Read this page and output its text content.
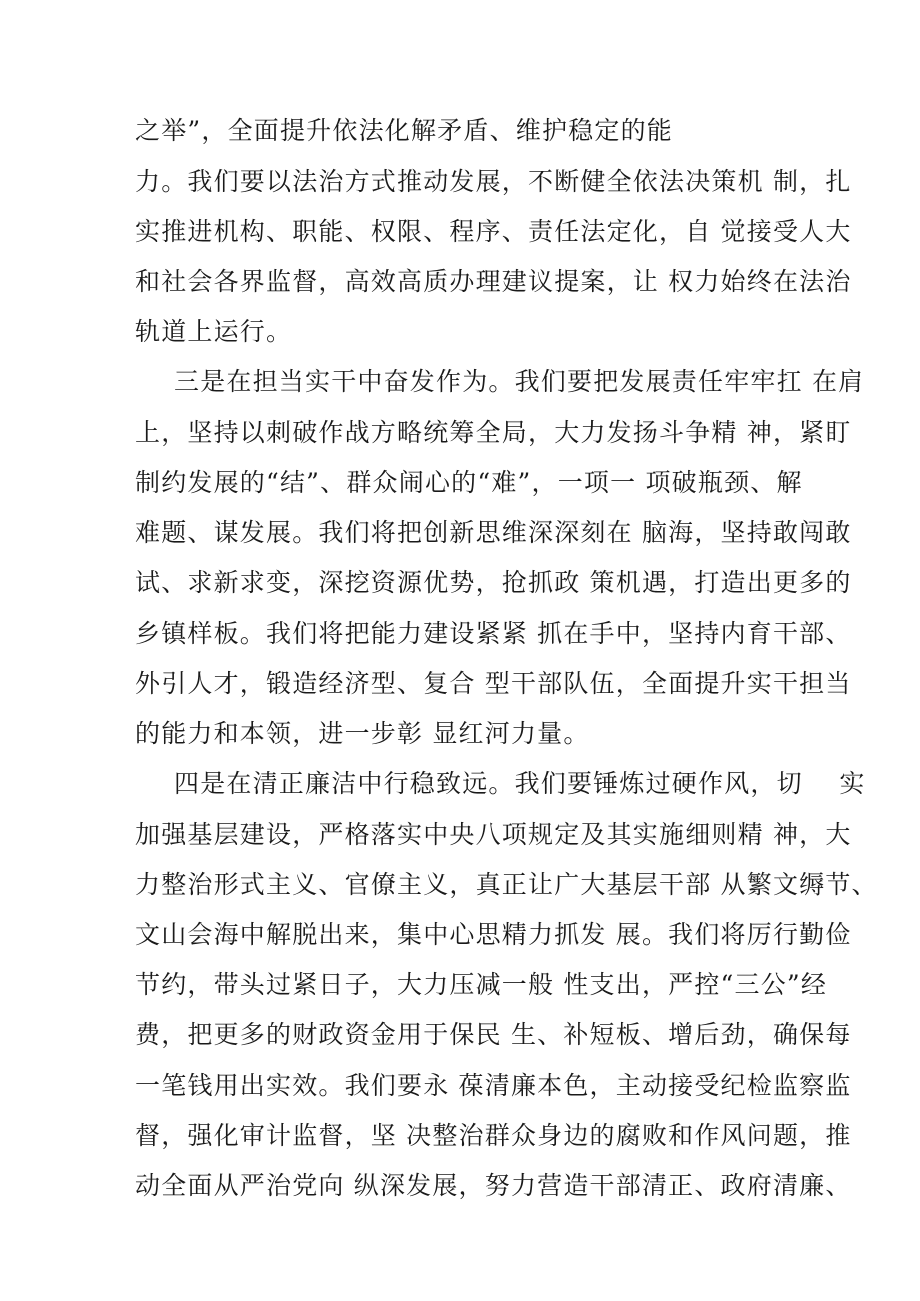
之举”，全面提升依法化解矛盾、维护稳定的能
力。我们要以法治方式推动发展，不断健全依法决策机 制，扎
实推进机构、职能、权限、程序、责任法定化，自 觉接受人大
和社会各界监督，高效高质办理建议提案，让 权力始终在法治
轨道上运行。
三是在担当实干中奋发作为。我们要把发展责任牢牢扛 在肩
上，坚持以刺破作战方略统筹全局，大力发扬斗争精 神，紧盯
制约发展的“结”、群众闹心的“难”，一项一 项破瓶颈、解
难题、谋发展。我们将把创新思维深深刻在 脑海，坚持敢闯敢
试、求新求变，深挖资源优势，抢抓政 策机遇，打造出更多的
乡镇样板。我们将把能力建设紧紧 抓在手中，坚持内育干部、
外引人才，锻造经济型、复合 型干部队伍，全面提升实干担当
的能力和本领，进一步彰 显红河力量。
四是在清正廉洁中行稳致远。我们要锤炼过硬作风，切    实
加强基层建设，严格落实中央八项规定及其实施细则精 神，大
力整治形式主义、官僚主义，真正让广大基层干部 从繁文缛节、
文山会海中解脱出来，集中心思精力抓发 展。我们将厉行勤俭
节约，带头过紧日子，大力压减一般 性支出，严控“三公”经
费，把更多的财政资金用于保民 生、补短板、增后劲，确保每
一笔钱用出实效。我们要永 葆清廉本色，主动接受纪检监察监
督，强化审计监督，坚 决整治群众身边的腐败和作风问题，推
动全面从严治党向 纵深发展，努力营造干部清正、政府清廉、
